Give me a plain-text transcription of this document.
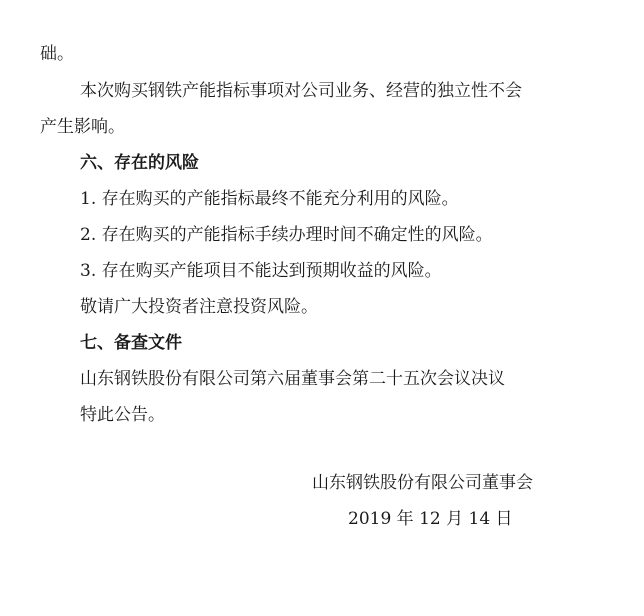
础。

本次购买钢铁产能指标事项对公司业务、经营的独立性不会

产生影响。

六、存在的风险

1. 存在购买的产能指标最终不能充分利用的风险。

2. 存在购买的产能指标手续办理时间不确定性的风险。

3. 存在购买产能项目不能达到预期收益的风险。

敬请广大投资者注意投资风险。

七、备查文件

山东钢铁股份有限公司第六届董事会第二十五次会议决议

特此公告。

山东钢铁股份有限公司董事会

2019 年 12 月 14 日
